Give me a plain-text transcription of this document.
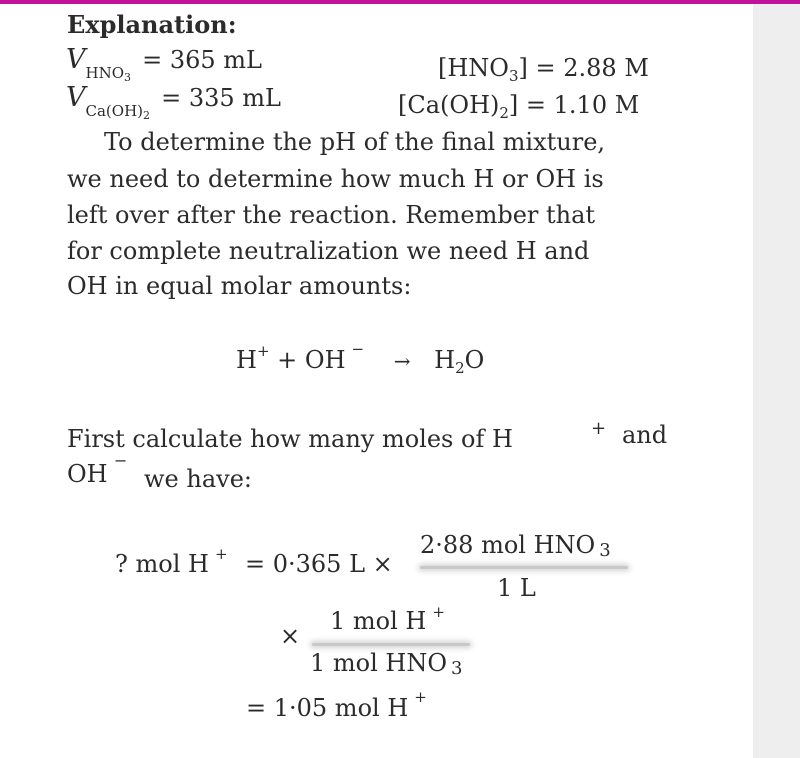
Explanation:
$VHNO_3 = 365$ mL	[HNO3] = 2.88 M
$VCa(OH)_2 = 335$ mL	[Ca(OH)2] = 1.10 M
To determine the pH of the final mixture,
we need to determine how much H or OH is
left over after the reaction. Remember that
for complete neutralization we need H and
OH in equal molar amounts:
H+ + OH $^- \to H_2O$
First calculate how many moles of H	+ and
OH −
we have:
? mol H + = 0·365 L ×
2·88 mol HNO 3
1 L
×
1 mol H +
1 mol HNO 3
= 1·05 mol H +
